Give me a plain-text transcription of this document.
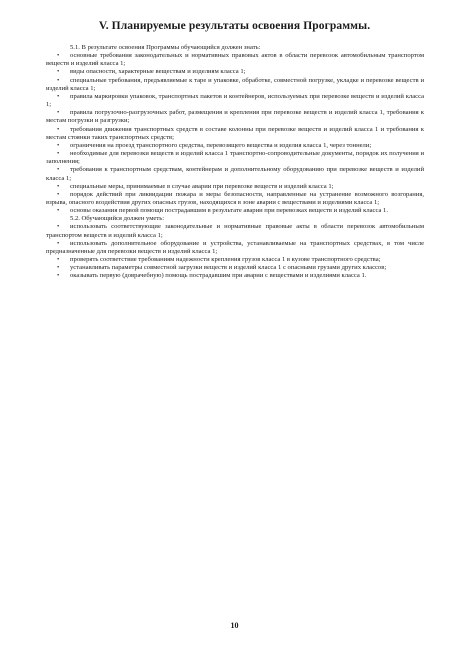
V. Планируемые результаты освоения Программы.

5.1. В результате освоения Программы обучающийся должен знать:

•	основные требования законодательных и нормативных правовых актов в области перевозок автомобильным транспортом веществ и изделий класса 1;
•	виды опасности, характерные веществам и изделиям класса 1;
•	специальные требования, предъявляемые к таре и упаковке, обработке, совместной погрузке, укладке и перевозке веществ и изделий класса 1;
•	правила маркировки упаковок, транспортных пакетов и контейнеров, используемых при перевозке веществ и изделий класса 1;
•	правила погрузочно-разгрузочных работ, размещения и крепления при перевозке веществ и изделий класса 1, требования к местам погрузки и разгрузки;
•	требования движения транспортных средств в составе колонны при перевозке веществ и изделий класса 1 и требования к местам стоянки таких транспортных средств;
•	ограничения на проезд транспортного средства, перевозящего вещества и изделия класса 1, через тоннели;
•	необходимые для перевозки веществ и изделий класса 1 транспортно-сопроводительные документы, порядок их получения и заполнения;
•	требования к транспортным средствам, контейнерам и дополнительному оборудованию при перевозке веществ и изделий класса 1;
•	специальные меры, принимаемые в случае аварии при перевозке веществ и изделий класса 1;
•	порядок действий при ликвидации пожара и меры безопасности, направленные на устранение возможного возгорания, взрыва, опасного воздействия других опасных грузов, находящихся в зоне аварии с веществами и изделиями класса 1;
•	основы оказания первой помощи пострадавшим в результате аварии при перевозках веществ и изделий класса 1.

5.2. Обучающийся должен уметь:

•	использовать соответствующие законодательные и нормативные правовые акты в области перевозок автомобильным транспортом веществ и изделий класса 1;
•	использовать дополнительное оборудование и устройства, устанавливаемые на транспортных средствах, в том числе предназначенные для перевозки веществ и изделий класса 1;
•	проверять соответствие требованиям надежности крепления грузов класса 1 в кузове транспортного средства;
•	устанавливать параметры совместной загрузки веществ и изделий класса 1 с опасными грузами других классов;
•	оказывать первую (доврачебную) помощь пострадавшим при аварии с веществами и изделиями класса 1.
10
